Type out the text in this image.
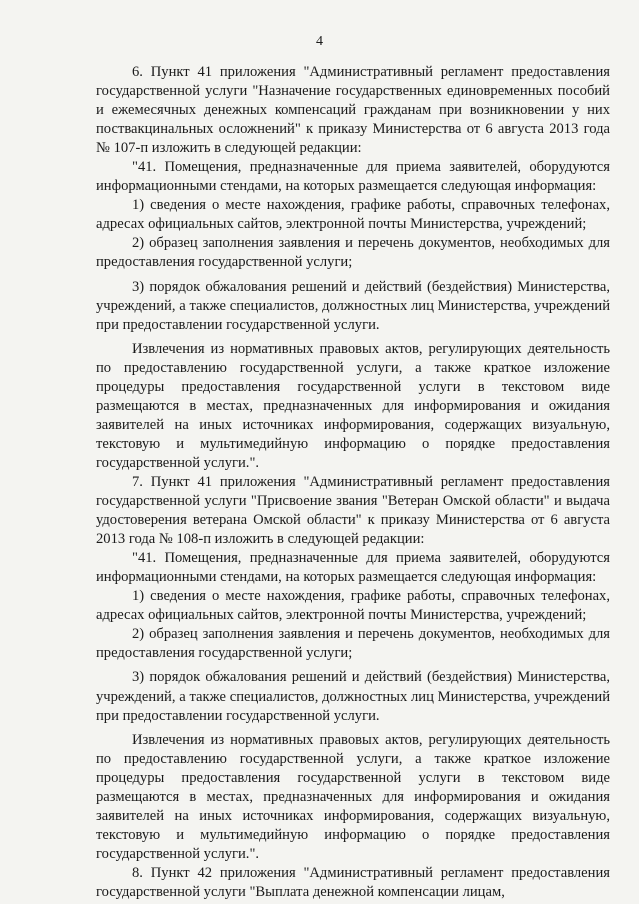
4

6. Пункт 41 приложения "Административный регламент предоставления государственной услуги "Назначение государственных единовременных пособий и ежемесячных денежных компенсаций гражданам при возникновении у них поствакцинальных осложнений" к приказу Министерства от 6 августа 2013 года № 107-п изложить в следующей редакции:

"41. Помещения, предназначенные для приема заявителей, оборудуются информационными стендами, на которых размещается следующая информация:

1) сведения о месте нахождения, графике работы, справочных телефонах, адресах официальных сайтов, электронной почты Министерства, учреждений;

2) образец заполнения заявления и перечень документов, необходимых для предоставления государственной услуги;

3) порядок обжалования решений и действий (бездействия) Министерства, учреждений, а также специалистов, должностных лиц Министерства, учреждений при предоставлении государственной услуги.

Извлечения из нормативных правовых актов, регулирующих деятельность по предоставлению государственной услуги, а также краткое изложение процедуры предоставления государственной услуги в текстовом виде размещаются в местах, предназначенных для информирования и ожидания заявителей на иных источниках информирования, содержащих визуальную, текстовую и мультимедийную информацию о порядке предоставления государственной услуги.".

7. Пункт 41 приложения "Административный регламент предоставления государственной услуги "Присвоение звания "Ветеран Омской области" и выдача удостоверения ветерана Омской области" к приказу Министерства от 6 августа 2013 года № 108-п изложить в следующей редакции:

"41. Помещения, предназначенные для приема заявителей, оборудуются информационными стендами, на которых размещается следующая информация:

1) сведения о месте нахождения, графике работы, справочных телефонах, адресах официальных сайтов, электронной почты Министерства, учреждений;

2) образец заполнения заявления и перечень документов, необходимых для предоставления государственной услуги;

3) порядок обжалования решений и действий (бездействия) Министерства, учреждений, а также специалистов, должностных лиц Министерства, учреждений при предоставлении государственной услуги.

Извлечения из нормативных правовых актов, регулирующих деятельность по предоставлению государственной услуги, а также краткое изложение процедуры предоставления государственной услуги в текстовом виде размещаются в местах, предназначенных для информирования и ожидания заявителей на иных источниках информирования, содержащих визуальную, текстовую и мультимедийную информацию о порядке предоставления государственной услуги.".

8. Пункт 42 приложения "Административный регламент предоставления государственной услуги "Выплата денежной компенсации лицам,
